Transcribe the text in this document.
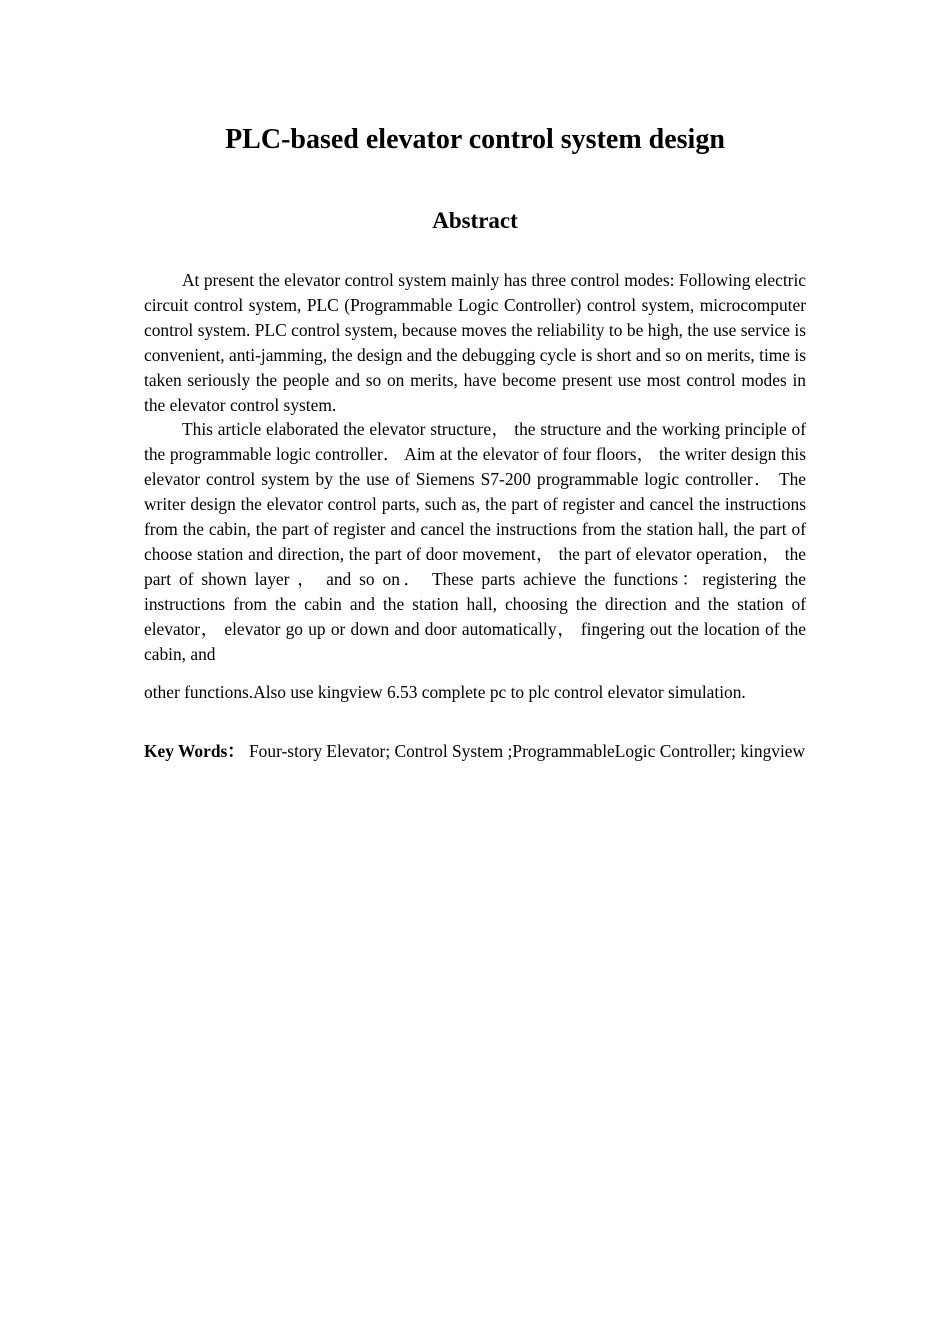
PLC-based elevator control system design
Abstract

At present the elevator control system mainly has three control modes: Following electric circuit control system, PLC (Programmable Logic Controller) control system, microcomputer control system. PLC control system, because moves the reliability to be high, the use service is convenient, anti-jamming, the design and the debugging cycle is short and so on merits, time is taken seriously the people and so on merits, have become present use most control modes in the elevator control system.

This article elaborated the elevator structure， the structure and the working principle of the programmable logic controller． Aim at the elevator of four floors， the writer design this elevator control system by the use of Siemens S7-200 programmable logic controller． The writer design the elevator control parts, such as, the part of register and cancel the instructions from the cabin, the part of register and cancel the instructions from the station hall, the part of choose station and direction, the part of door movement， the part of elevator operation， the part of shown layer ， and so on． These parts achieve the functions：registering the instructions from the cabin and the station hall, choosing the direction and the station of elevator， elevator go up or down and door automatically， fingering out the location of the cabin, and

other functions.Also use kingview 6.53 complete pc to plc control elevator simulation.

Key Words： Four-story Elevator; Control System ;ProgrammableLogic Controller; kingview
